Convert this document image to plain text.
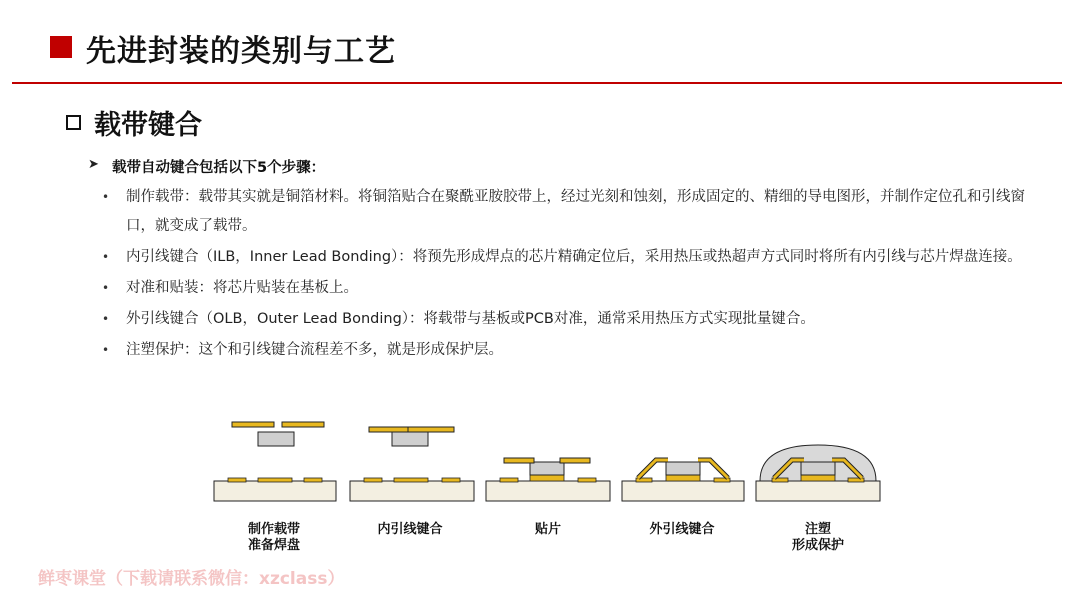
先进封装的类别与工艺
载带键合
➤ 载带自动键合包括以下5个步骤：
• 制作载带：载带其实就是铜箔材料。将铜箔贴合在聚酰亚胺胶带上，经过光刻和蚀刻，形成固定的、精细的导电图形，并制作定位孔和引线窗口，就变成了载带。
• 内引线键合（ILB，Inner Lead Bonding）：将预先形成焊点的芯片精确定位后，采用热压或热超声方式同时将所有内引线与芯片焊盘连接。
• 对准和贴装：将芯片贴装在基板上。
• 外引线键合（OLB，Outer Lead Bonding）：将载带与基板或PCB对准，通常采用热压方式实现批量键合。
• 注塑保护：这个和引线键合流程差不多，就是形成保护层。
制作载带
准备焊盘
内引线键合	贴片	外引线键合	注塑
形成保护
鲜枣课堂（下载请联系微信：xzclass）
